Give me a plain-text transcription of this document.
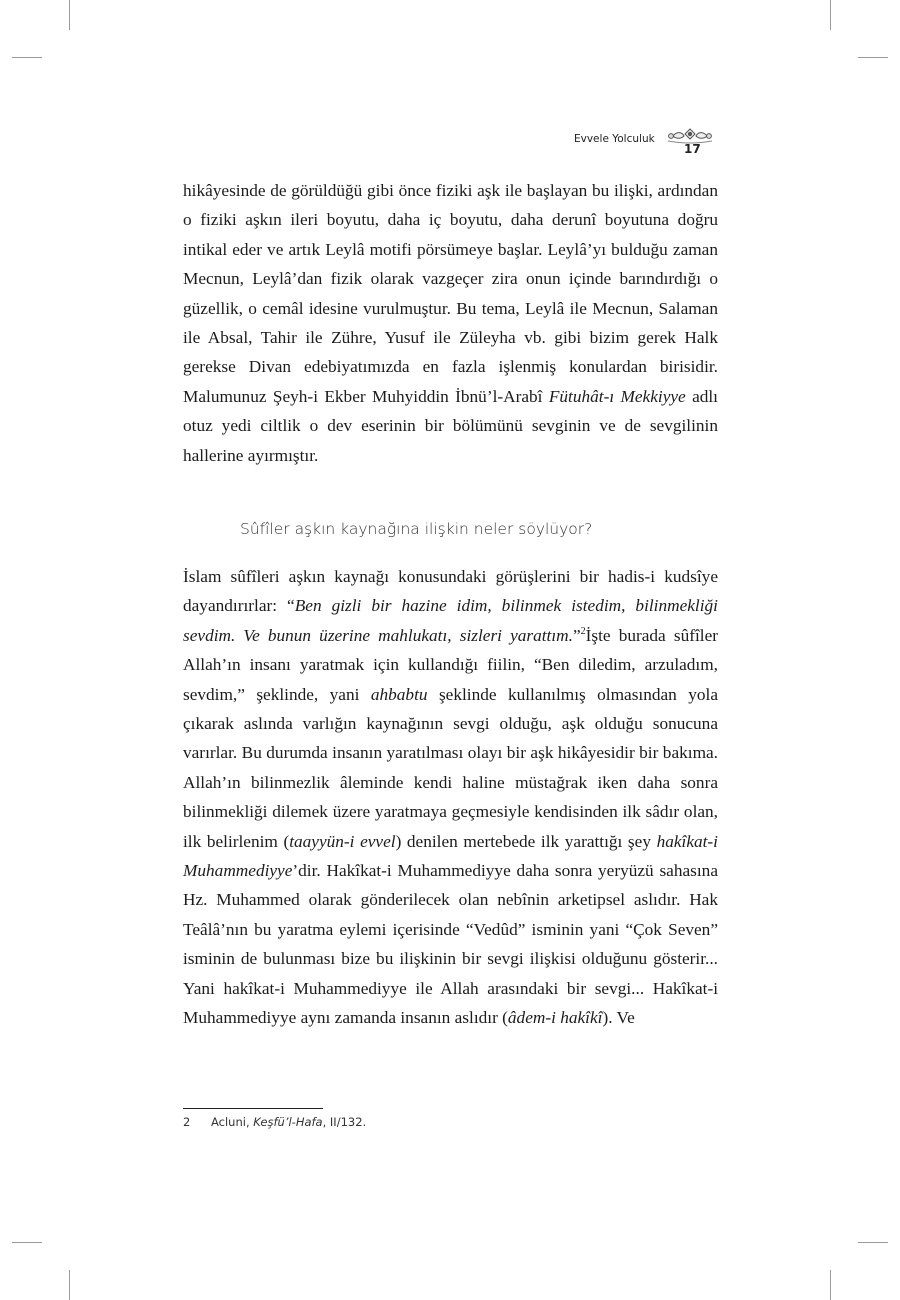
Evvele Yolculuk
17

hikâyesinde de görüldüğü gibi önce fiziki aşk ile başlayan bu ilişki, ardından o fiziki aşkın ileri boyutu, daha iç boyutu, daha derunî boyutuna doğru intikal eder ve artık Leylâ motifi pörsümeye başlar. Leylâ’yı bulduğu zaman Mecnun, Leylâ’dan fizik olarak vazgeçer zira onun içinde barındırdığı o güzellik, o cemâl idesine vurulmuştur. Bu tema, Leylâ ile Mecnun, Salaman ile Absal, Tahir ile Zühre, Yusuf ile Züleyha vb. gibi bizim gerek Halk gerekse Divan edebiyatımızda en fazla işlenmiş konulardan birisidir. Malumunuz Şeyh-i Ekber Muhyiddin İbnü’l-Arabî Fütuhât-ı Mekkiyye adlı otuz yedi ciltlik o dev eserinin bir bölümünü sevginin ve de sevgilinin hallerine ayırmıştır.

Sûfîler aşkın kaynağına ilişkin neler söylüyor?

İslam sûfîleri aşkın kaynağı konusundaki görüşlerini bir hadis-i kudsîye dayandırırlar: “Ben gizli bir hazine idim, bilinmek istedim, bilinmekliği sevdim. Ve bunun üzerine mahlukatı, sizleri yarattım.”$^2$İşte burada sûfîler Allah’ın insanı yaratmak için kullandığı fiilin, “Ben diledim, arzuladım, sevdim,” şeklinde, yani ahbabtu şeklinde kullanılmış olmasından yola çıkarak aslında varlığın kaynağının sevgi olduğu, aşk olduğu sonucuna varırlar. Bu durumda insanın yaratılması olayı bir aşk hikâyesidir bir bakıma. Allah’ın bilinmezlik âleminde kendi haline müstağrak iken daha sonra bilinmekliği dilemek üzere yaratmaya geçmesiyle kendisinden ilk sâdır olan, ilk belirlenim (taayyün-i evvel) denilen mertebede ilk yarattığı şey hakîkat-i Muhammediyye’dir. Hakîkat-i Muhammediyye daha sonra yeryüzü sahasına Hz. Muhammed olarak gönderilecek olan nebînin arketipsel aslıdır. Hak Teâlâ’nın bu yaratma eylemi içerisinde “Vedûd” isminin yani “Çok Seven” isminin de bulunması bize bu ilişkinin bir sevgi ilişkisi olduğunu gösterir... Yani hakîkat-i Muhammediyye ile Allah arasındaki bir sevgi... Hakîkat-i Muhammediyye aynı zamanda insanın aslıdır (âdem-i hakîkî). Ve

2 Acluni, Keşfü’l-Hafa, II/132.
